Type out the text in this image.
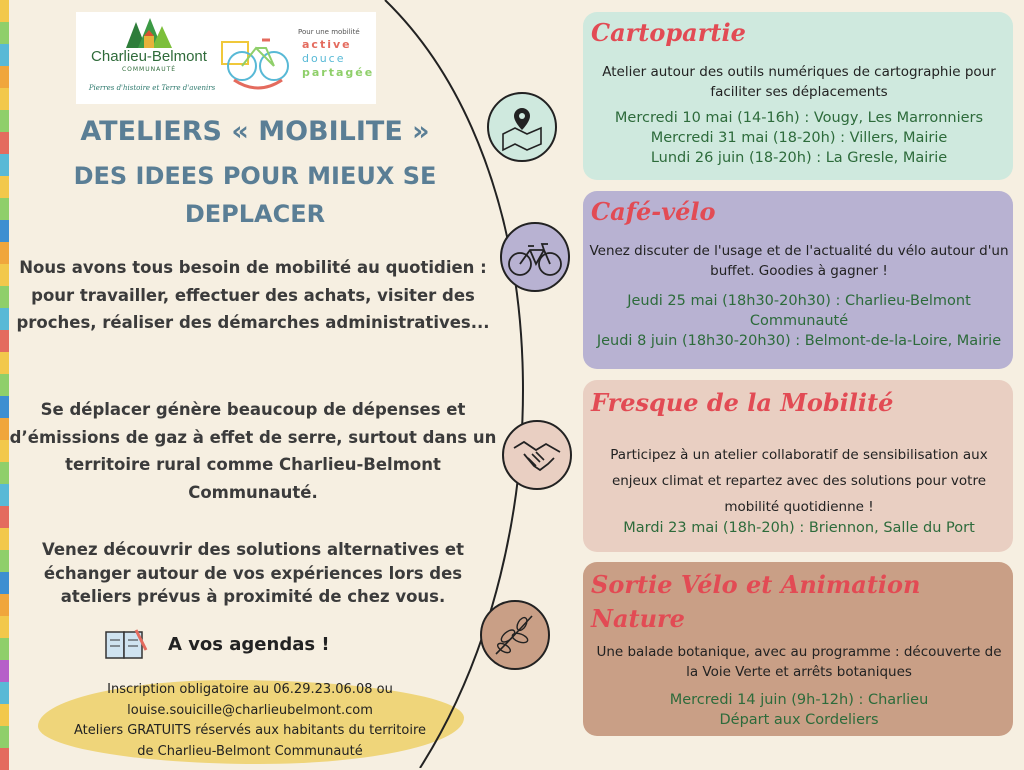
Charlieu-Belmont
COMMUNAUTÉ
Pierres d'histoire et Terre d'avenirs
Pour une mobilité
active
douce
partagée
ATELIERS « MOBILITE »
DES IDEES POUR MIEUX SE
DEPLACER
Nous avons tous besoin de mobilité au quotidien : pour travailler, effectuer des achats, visiter des proches, réaliser des démarches administratives...
Se déplacer génère beaucoup de dépenses et d’émissions de gaz à effet de serre, surtout dans un territoire rural comme Charlieu-Belmont Communauté.
Venez découvrir des solutions alternatives et échanger autour de vos expériences lors des ateliers prévus à proximité de chez vous.
A vos agendas !
Inscription obligatoire au 06.29.23.06.08 ou
louise.souicille@charlieubelmont.com
Ateliers GRATUITS réservés aux habitants du territoire
de Charlieu-Belmont Communauté
Cartopartie
Atelier autour des outils numériques de cartographie pour faciliter ses déplacements
Mercredi 10 mai (14-16h) : Vougy, Les Marronniers
Mercredi 31 mai (18-20h) : Villers, Mairie
Lundi 26 juin (18-20h) : La Gresle, Mairie
Café-vélo
Venez discuter de l'usage et de l'actualité du vélo autour d'un buffet. Goodies à gagner !
Jeudi 25 mai (18h30-20h30) : Charlieu-Belmont Communauté
Jeudi 8 juin (18h30-20h30) : Belmont-de-la-Loire, Mairie
Fresque de la Mobilité
Participez à un atelier collaboratif de sensibilisation aux enjeux climat et repartez avec des solutions pour votre mobilité quotidienne !
Mardi 23 mai (18h-20h) : Briennon, Salle du Port
Sortie Vélo et Animation Nature
Une balade botanique, avec au programme : découverte de la Voie Verte et arrêts botaniques
Mercredi 14 juin (9h-12h) : Charlieu
Départ aux Cordeliers
